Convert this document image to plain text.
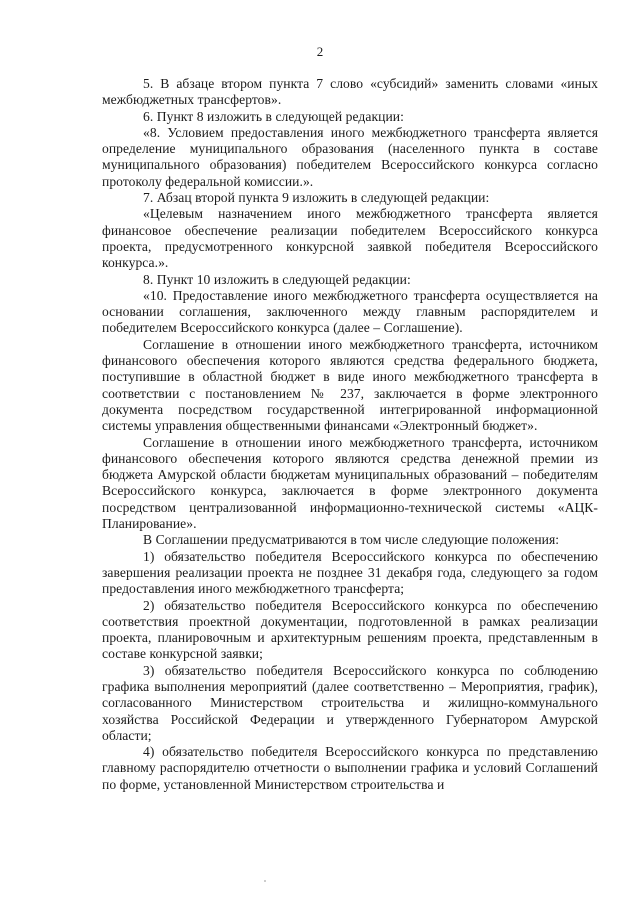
2

5. В абзаце втором пункта 7 слово «субсидий» заменить словами «иных межбюджетных трансфертов».

6. Пункт 8 изложить в следующей редакции:

«8. Условием предоставления иного межбюджетного трансферта является определение муниципального образования (населенного пункта в составе муниципального образования) победителем Всероссийского конкурса согласно протоколу федеральной комиссии.».

7. Абзац второй пункта 9 изложить в следующей редакции:

«Целевым назначением иного межбюджетного трансферта является финансовое обеспечение реализации победителем Всероссийского конкурса проекта, предусмотренного конкурсной заявкой победителя Всероссийского конкурса.».

8. Пункт 10 изложить в следующей редакции:

«10. Предоставление иного межбюджетного трансферта осуществляется на основании соглашения, заключенного между главным распорядителем и победителем Всероссийского конкурса (далее – Соглашение).

Соглашение в отношении иного межбюджетного трансферта, источником финансового обеспечения которого являются средства федерального бюджета, поступившие в областной бюджет в виде иного межбюджетного трансферта в соответствии с постановлением № 237, заключается в форме электронного документа посредством государственной интегрированной информационной системы управления общественными финансами «Электронный бюджет».

Соглашение в отношении иного межбюджетного трансферта, источником финансового обеспечения которого являются средства денежной премии из бюджета Амурской области бюджетам муниципальных образований – победителям Всероссийского конкурса, заключается в форме электронного документа посредством централизованной информационно-технической системы «АЦК-Планирование».

В Соглашении предусматриваются в том числе следующие положения:

1) обязательство победителя Всероссийского конкурса по обеспечению завершения реализации проекта не позднее 31 декабря года, следующего за годом предоставления иного межбюджетного трансферта;

2) обязательство победителя Всероссийского конкурса по обеспечению соответствия проектной документации, подготовленной в рамках реализации проекта, планировочным и архитектурным решениям проекта, представленным в составе конкурсной заявки;

3) обязательство победителя Всероссийского конкурса по соблюдению графика выполнения мероприятий (далее соответственно – Мероприятия, график), согласованного Министерством строительства и жилищно-коммунального хозяйства Российской Федерации и утвержденного Губернатором Амурской области;

4) обязательство победителя Всероссийского конкурса по представлению главному распорядителю отчетности о выполнении графика и условий Соглашений по форме, установленной Министерством строительства и
